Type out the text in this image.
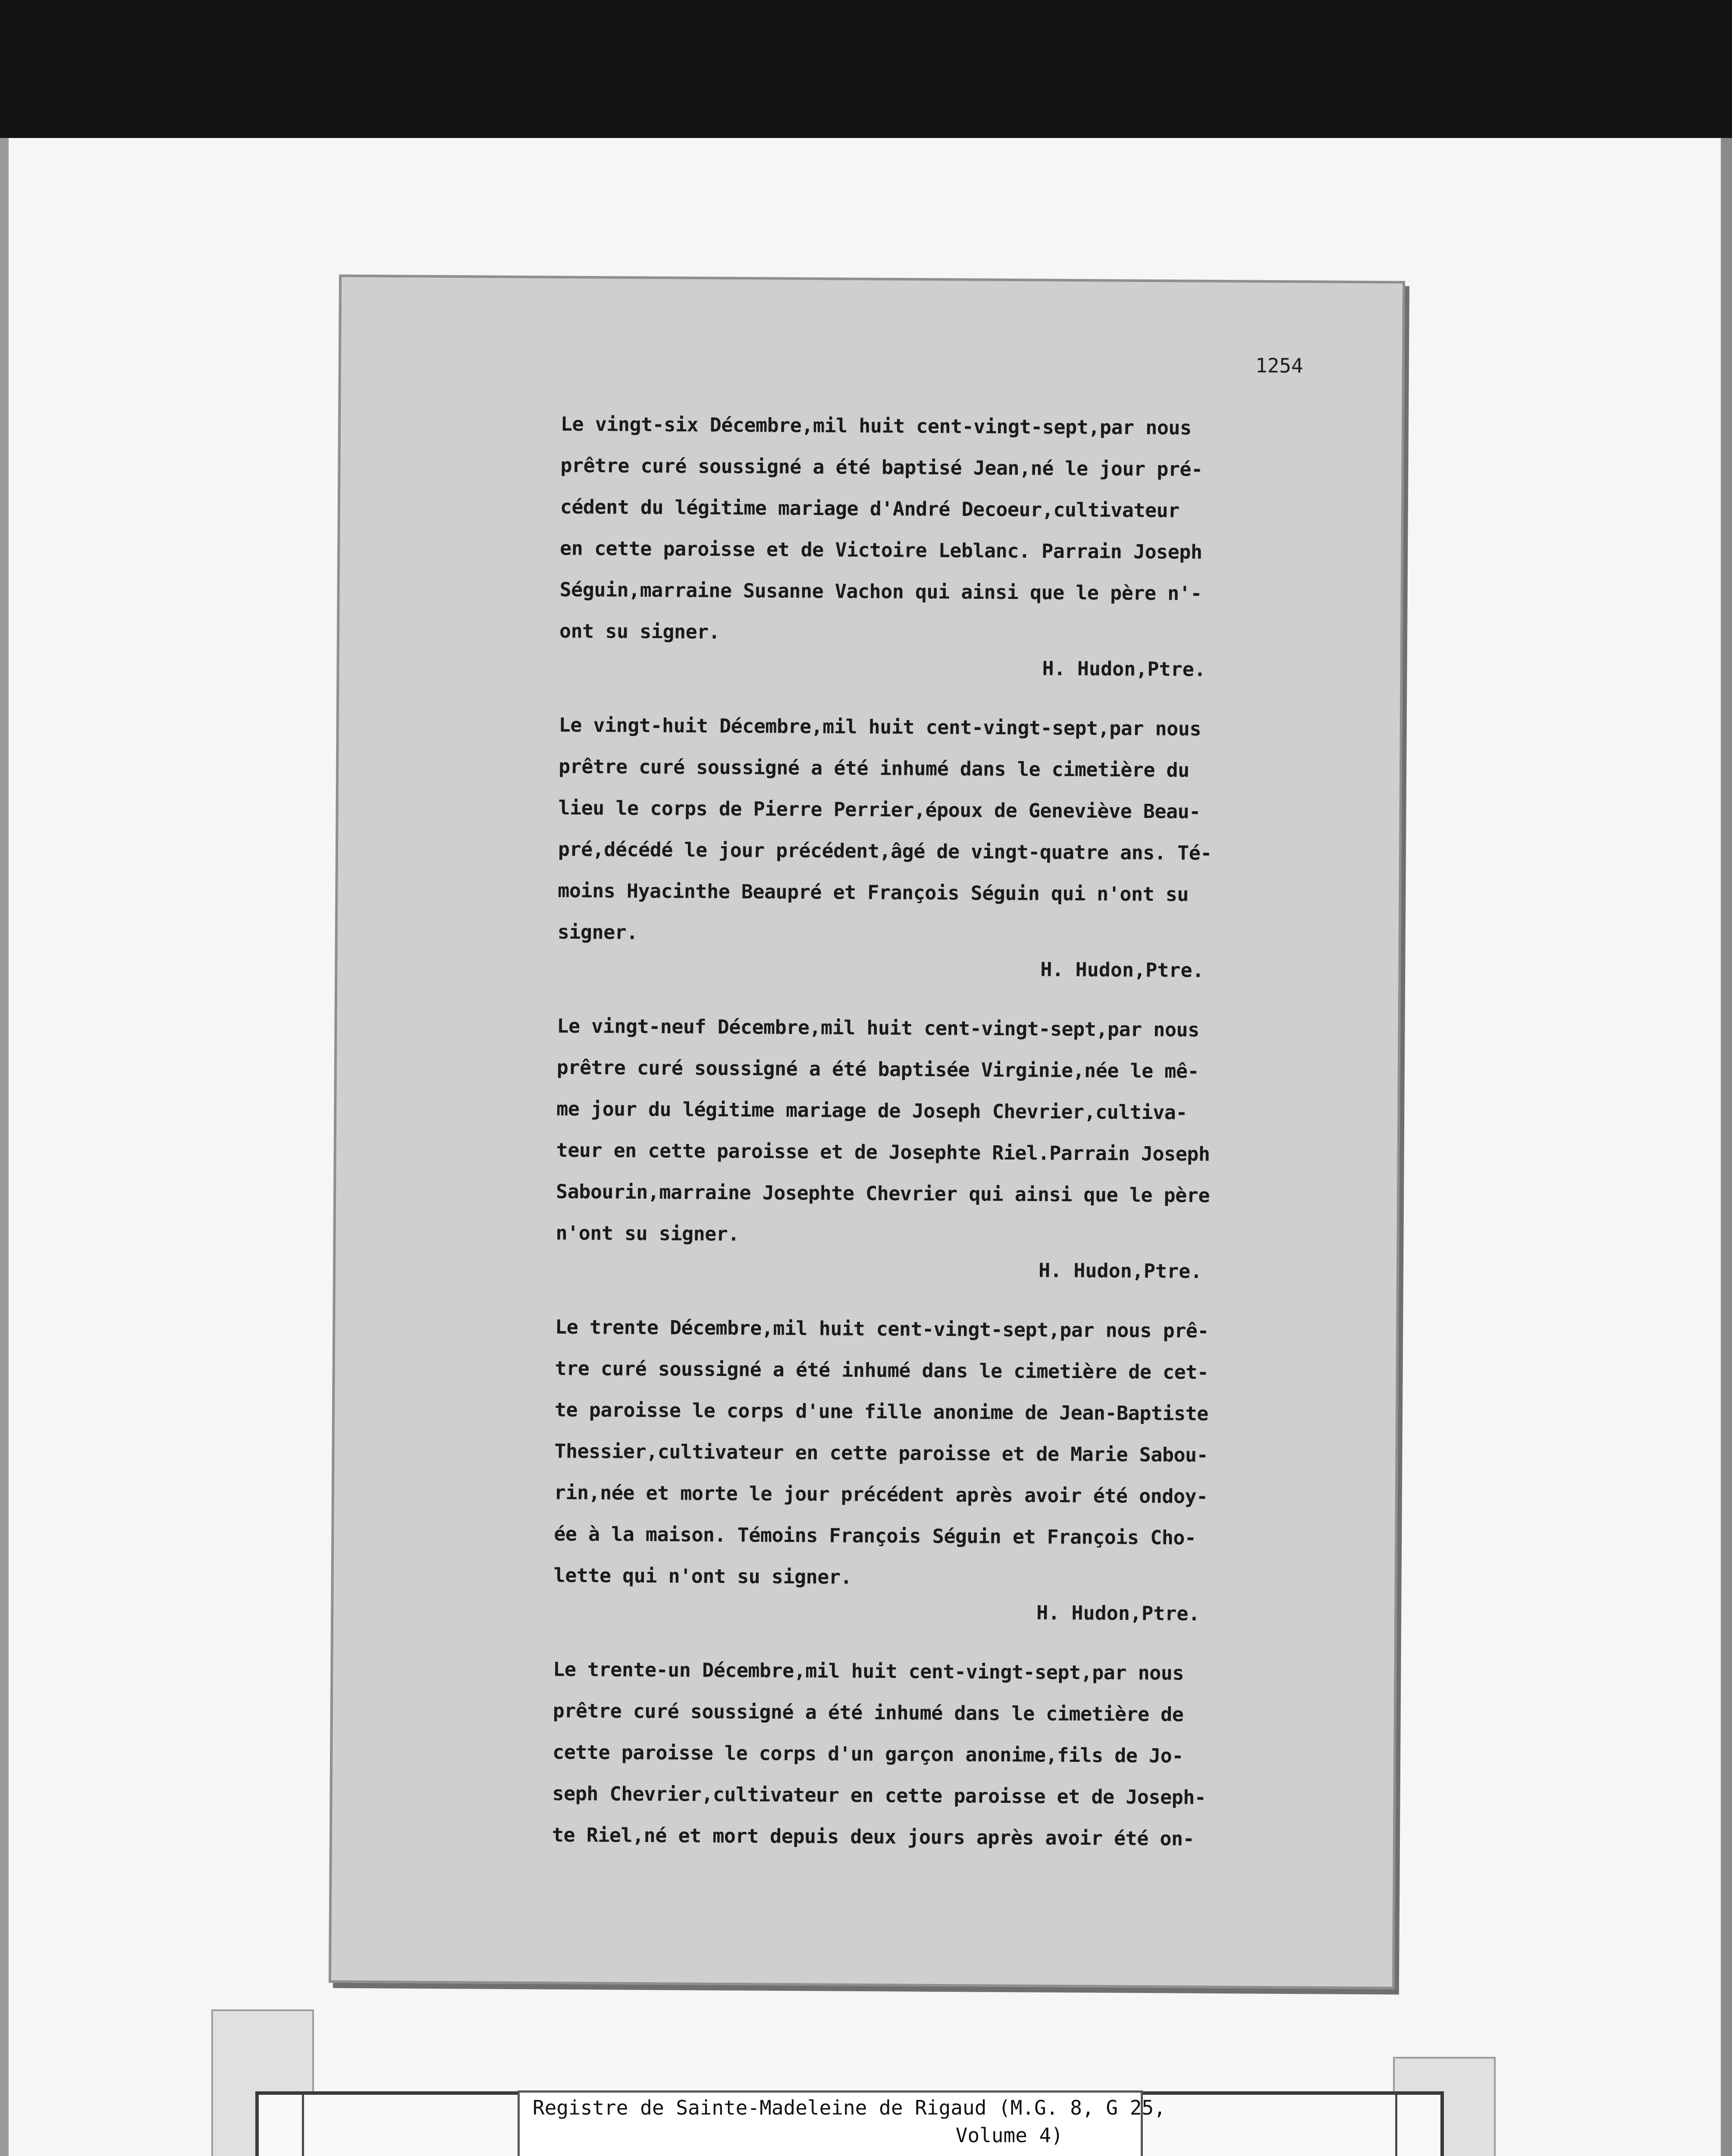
1254
Le vingt-six Décembre,mil huit cent-vingt-sept,par nous
prêtre curé soussigné a été baptisé Jean,né le jour pré-
cédent du légitime mariage d'André Decoeur,cultivateur
en cette paroisse et de Victoire Leblanc. Parrain Joseph
Séguin,marraine Susanne Vachon qui ainsi que le père n'-
ont su signer.
H. Hudon,Ptre.
Le vingt-huit Décembre,mil huit cent-vingt-sept,par nous
prêtre curé soussigné a été inhumé dans le cimetière du
lieu le corps de Pierre Perrier,époux de Geneviève Beau-
pré,décédé le jour précédent,âgé de vingt-quatre ans. Té-
moins Hyacinthe Beaupré et François Séguin qui n'ont su
signer.
H. Hudon,Ptre.
Le vingt-neuf Décembre,mil huit cent-vingt-sept,par nous
prêtre curé soussigné a été baptisée Virginie,née le mê-
me jour du légitime mariage de Joseph Chevrier,cultiva-
teur en cette paroisse et de Josephte Riel.Parrain Joseph
Sabourin,marraine Josephte Chevrier qui ainsi que le père
n'ont su signer.
H. Hudon,Ptre.
Le trente Décembre,mil huit cent-vingt-sept,par nous prê-
tre curé soussigné a été inhumé dans le cimetière de cet-
te paroisse le corps d'une fille anonime de Jean-Baptiste
Thessier,cultivateur en cette paroisse et de Marie Sabou-
rin,née et morte le jour précédent après avoir été ondoy-
ée à la maison. Témoins François Séguin et François Cho-
lette qui n'ont su signer.
H. Hudon,Ptre.
Le trente-un Décembre,mil huit cent-vingt-sept,par nous
prêtre curé soussigné a été inhumé dans le cimetière de
cette paroisse le corps d'un garçon anonime,fils de Jo-
seph Chevrier,cultivateur en cette paroisse et de Joseph-
te Riel,né et mort depuis deux jours après avoir été on-
Registre de Sainte-Madeleine de Rigaud (M.G. 8, G 25,
Volume 4)
